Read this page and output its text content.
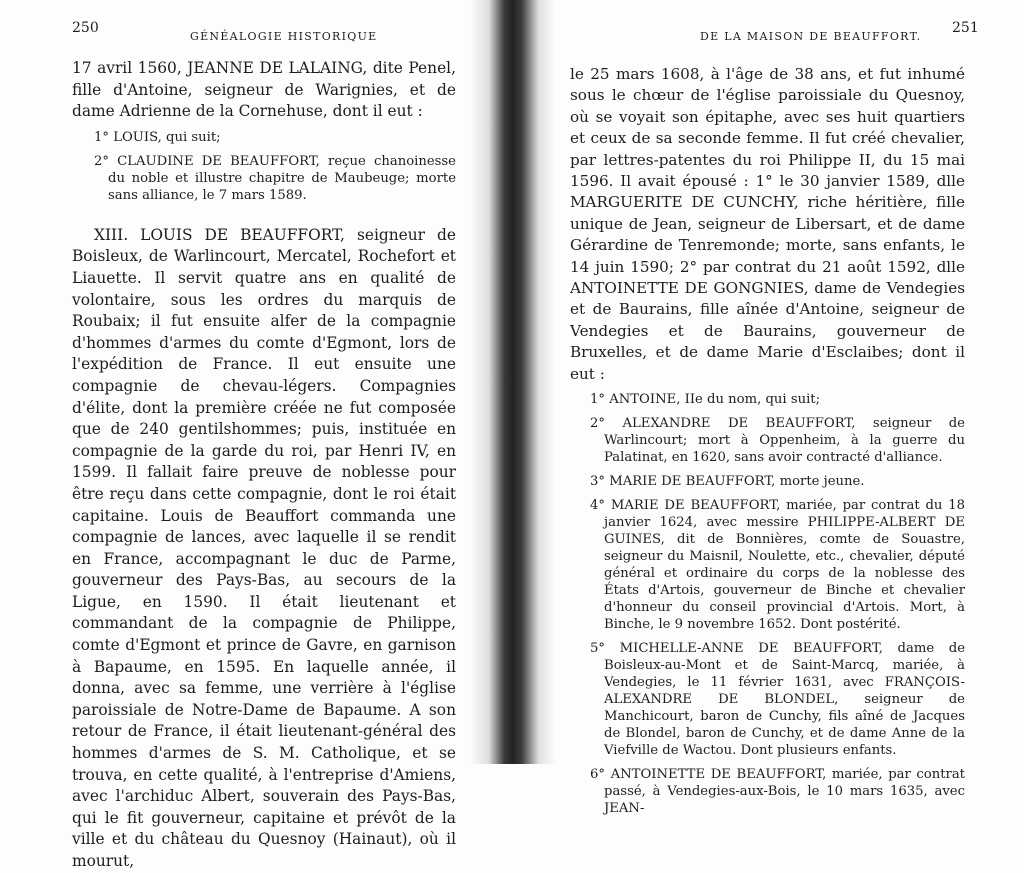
250
GÉNÉALOGIE HISTORIQUE

17 avril 1560, JEANNE DE LALAING, dite Penel, fille d'Antoine, seigneur de Warignies, et de dame Adrienne de la Cornehuse, dont il eut :

1° LOUIS, qui suit;
2° CLAUDINE DE BEAUFFORT, reçue chanoinesse du noble et illustre chapitre de Maubeuge; morte sans alliance, le 7 mars 1589.

XIII. LOUIS DE BEAUFFORT, seigneur de Boisleux, de Warlincourt, Mercatel, Rochefort et Liauette. Il servit quatre ans en qualité de volontaire, sous les ordres du marquis de Roubaix; il fut ensuite alfer de la compagnie d'hommes d'armes du comte d'Egmont, lors de l'expédition de France. Il eut ensuite une compagnie de chevau-légers. Compagnies d'élite, dont la première créée ne fut composée que de 240 gentilshommes; puis, instituée en compagnie de la garde du roi, par Henri IV, en 1599. Il fallait faire preuve de noblesse pour être reçu dans cette compagnie, dont le roi était capitaine. Louis de Beauffort commanda une compagnie de lances, avec laquelle il se rendit en France, accompagnant le duc de Parme, gouverneur des Pays-Bas, au secours de la Ligue, en 1590. Il était lieutenant et commandant de la compagnie de Philippe, comte d'Egmont et prince de Gavre, en garnison à Bapaume, en 1595. En laquelle année, il donna, avec sa femme, une verrière à l'église paroissiale de Notre-Dame de Bapaume. A son retour de France, il était lieutenant-général des hommes d'armes de S. M. Catholique, et se trouva, en cette qualité, à l'entreprise d'Amiens, avec l'archiduc Albert, souverain des Pays-Bas, qui le fit gouverneur, capitaine et prévôt de la ville et du château du Quesnoy (Hainaut), où il mourut,

DE LA MAISON DE BEAUFFORT.
251

le 25 mars 1608, à l'âge de 38 ans, et fut inhumé sous le chœur de l'église paroissiale du Quesnoy, où se voyait son épitaphe, avec ses huit quartiers et ceux de sa seconde femme. Il fut créé chevalier, par lettres-patentes du roi Philippe II, du 15 mai 1596. Il avait épousé : 1° le 30 janvier 1589, dlle MARGUERITE DE CUNCHY, riche héritière, fille unique de Jean, seigneur de Libersart, et de dame Gérardine de Tenremonde; morte, sans enfants, le 14 juin 1590; 2° par contrat du 21 août 1592, dlle ANTOINETTE DE GONGNIES, dame de Vendegies et de Baurains, fille aînée d'Antoine, seigneur de Vendegies et de Baurains, gouverneur de Bruxelles, et de dame Marie d'Esclaibes; dont il eut :

1° ANTOINE, IIe du nom, qui suit;
2° ALEXANDRE DE BEAUFFORT, seigneur de Warlincourt; mort à Oppenheim, à la guerre du Palatinat, en 1620, sans avoir contracté d'alliance.
3° MARIE DE BEAUFFORT, morte jeune.
4° MARIE DE BEAUFFORT, mariée, par contrat du 18 janvier 1624, avec messire PHILIPPE-ALBERT DE GUINES, dit de Bonnières, comte de Souastre, seigneur du Maisnil, Noulette, etc., chevalier, député général et ordinaire du corps de la noblesse des États d'Artois, gouverneur de Binche et chevalier d'honneur du conseil provincial d'Artois. Mort, à Binche, le 9 novembre 1652. Dont postérité.
5° MICHELLE-ANNE DE BEAUFFORT, dame de Boisleux-au-Mont et de Saint-Marcq, mariée, à Vendegies, le 11 février 1631, avec FRANÇOIS-ALEXANDRE DE BLONDEL, seigneur de Manchicourt, baron de Cunchy, fils aîné de Jacques de Blondel, baron de Cunchy, et de dame Anne de la Viefville de Wactou. Dont plusieurs enfants.
6° ANTOINETTE DE BEAUFFORT, mariée, par contrat passé, à Vendegies-aux-Bois, le 10 mars 1635, avec JEAN-
